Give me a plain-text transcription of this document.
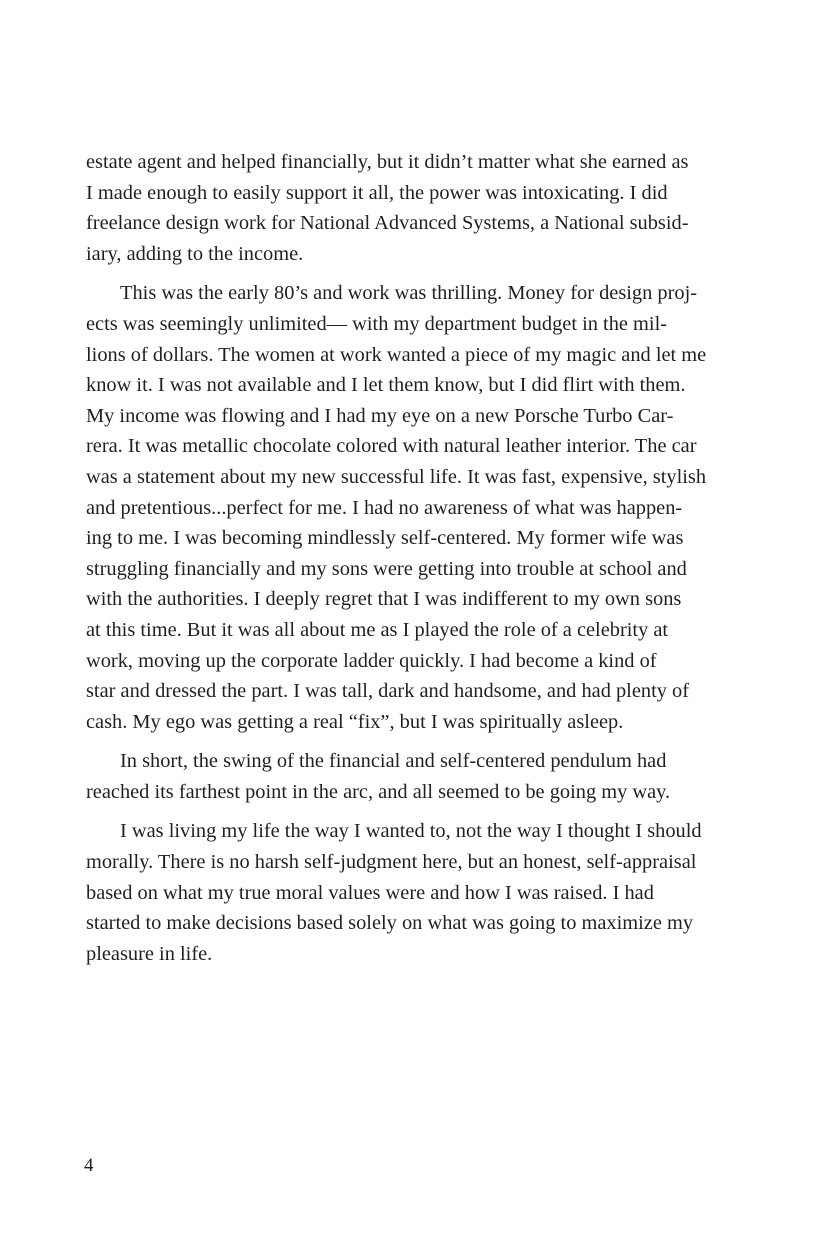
estate agent and helped financially, but it didn’t matter what she earned as
I made enough to easily support it all, the power was intoxicating. I did
freelance design work for National Advanced Systems, a National subsid-
iary, adding to the income.

This was the early 80’s and work was thrilling. Money for design proj-
ects was seemingly unlimited— with my department budget in the mil-
lions of dollars. The women at work wanted a piece of my magic and let me
know it. I was not available and I let them know, but I did flirt with them.
My income was flowing and I had my eye on a new Porsche Turbo Car-
rera. It was metallic chocolate colored with natural leather interior. The car
was a statement about my new successful life. It was fast, expensive, stylish
and pretentious...perfect for me. I had no awareness of what was happen-
ing to me. I was becoming mindlessly self-centered. My former wife was
struggling financially and my sons were getting into trouble at school and
with the authorities. I deeply regret that I was indifferent to my own sons
at this time. But it was all about me as I played the role of a celebrity at
work, moving up the corporate ladder quickly. I had become a kind of
star and dressed the part. I was tall, dark and handsome, and had plenty of
cash. My ego was getting a real “fix”, but I was spiritually asleep.

In short, the swing of the financial and self-centered pendulum had
reached its farthest point in the arc, and all seemed to be going my way.

I was living my life the way I wanted to, not the way I thought I should
morally. There is no harsh self-judgment here, but an honest, self-appraisal
based on what my true moral values were and how I was raised. I had
started to make decisions based solely on what was going to maximize my
pleasure in life.

4
